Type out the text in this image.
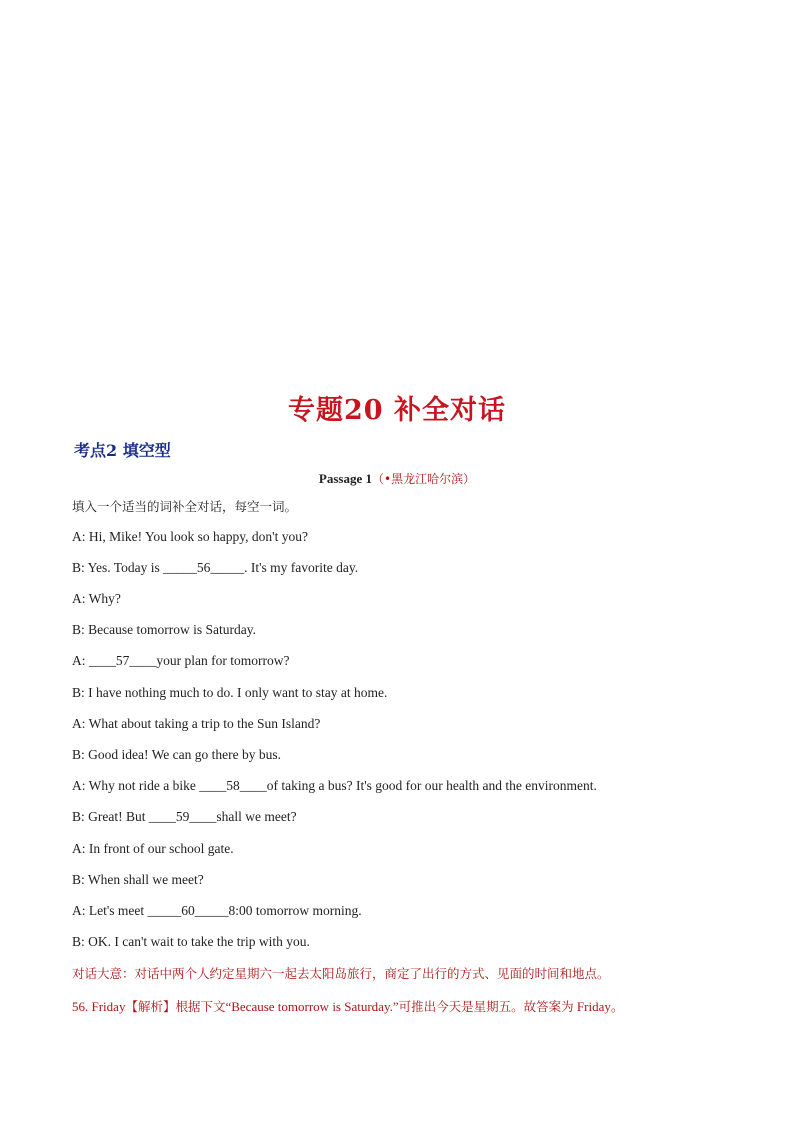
专题20 补全对话
考点2 填空型
Passage 1（•黑龙江哈尔滨）
填入一个适当的词补全对话，每空一词。
A: Hi, Mike! You look so happy, don't you?
B: Yes. Today is _____56_____. It's my favorite day.
A: Why?
B: Because tomorrow is Saturday.
A: ____57____your plan for tomorrow?
B: I have nothing much to do. I only want to stay at home.
A: What about taking a trip to the Sun Island?
B: Good idea! We can go there by bus.
A: Why not ride a bike ____58____of taking a bus? It's good for our health and the environment.
B: Great! But ____59____shall we meet?
A: In front of our school gate.
B: When shall we meet?
A: Let's meet _____60_____8:00 tomorrow morning.
B: OK. I can't wait to take the trip with you.
对话大意：对话中两个人约定星期六一起去太阳岛旅行，商定了出行的方式、见面的时间和地点。
56. Friday【解析】根据下文“Because tomorrow is Saturday.”可推出今天是星期五。故答案为 Friday。
